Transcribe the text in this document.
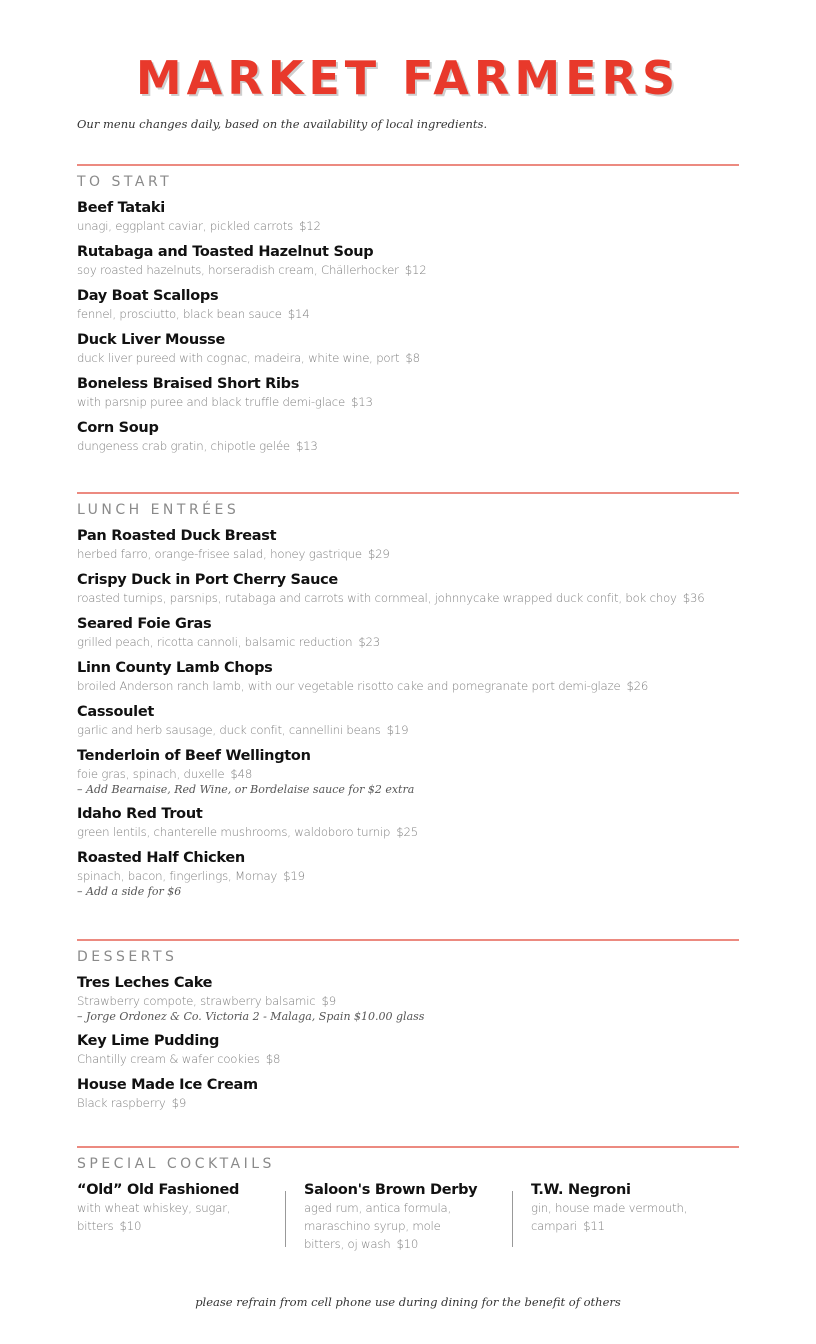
MARKET FARMERS
Our menu changes daily, based on the availability of local ingredients.
TO START
Beef Tataki
unagi, eggplant caviar, pickled carrots $12
Rutabaga and Toasted Hazelnut Soup
soy roasted hazelnuts, horseradish cream, Chällerhocker $12
Day Boat Scallops
fennel, prosciutto, black bean sauce $14
Duck Liver Mousse
duck liver pureed with cognac, madeira, white wine, port $8
Boneless Braised Short Ribs
with parsnip puree and black truffle demi-glace $13
Corn Soup
dungeness crab gratin, chipotle gelée $13
LUNCH ENTRÉES
Pan Roasted Duck Breast
herbed farro, orange-frisee salad, honey gastrique $29
Crispy Duck in Port Cherry Sauce
roasted turnips, parsnips, rutabaga and carrots with cornmeal, johnnycake wrapped duck confit, bok choy $36
Seared Foie Gras
grilled peach, ricotta cannoli, balsamic reduction $23
Linn County Lamb Chops
broiled Anderson ranch lamb, with our vegetable risotto cake and pomegranate port demi-glaze $26
Cassoulet
garlic and herb sausage, duck confit, cannellini beans $19
Tenderloin of Beef Wellington
foie gras, spinach, duxelle $48
– Add Bearnaise, Red Wine, or Bordelaise sauce for $2 extra
Idaho Red Trout
green lentils, chanterelle mushrooms, waldoboro turnip $25
Roasted Half Chicken
spinach, bacon, fingerlings, Mornay $19
– Add a side for $6
DESSERTS
Tres Leches Cake
Strawberry compote, strawberry balsamic $9
– Jorge Ordonez & Co. Victoria 2 - Malaga, Spain $10.00 glass
Key Lime Pudding
Chantilly cream & wafer cookies $8
House Made Ice Cream
Black raspberry $9
SPECIAL COCKTAILS
“Old” Old Fashioned
with wheat whiskey, sugar, bitters $10
Saloon's Brown Derby
aged rum, antica formula, maraschino syrup, mole bitters, oj wash $10
T.W. Negroni
gin, house made vermouth, campari $11
please refrain from cell phone use during dining for the benefit of others
